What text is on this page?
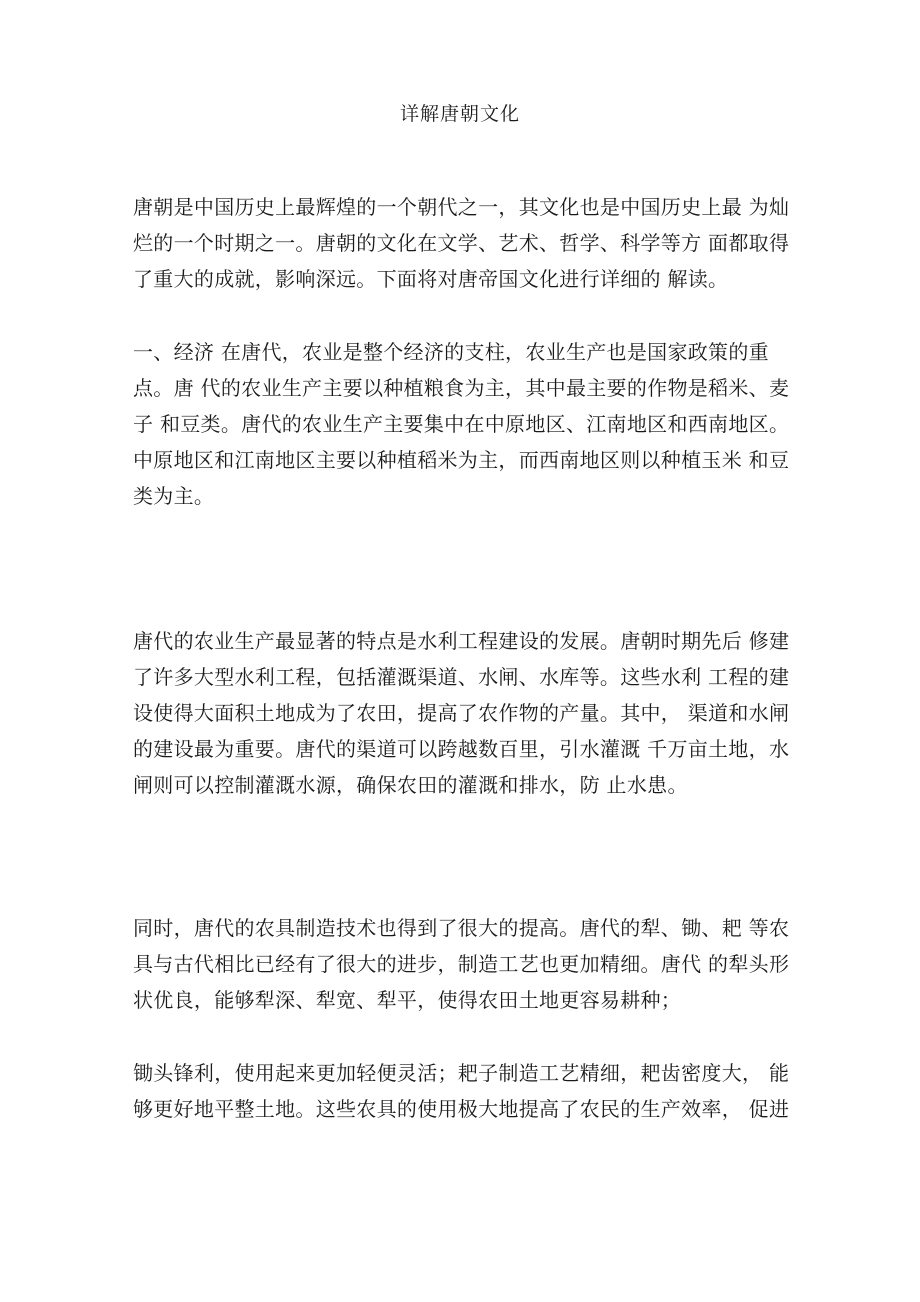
详解唐朝文化
唐朝是中国历史上最辉煌的一个朝代之一，其文化也是中国历史上最 为灿
烂的一个时期之一。唐朝的文化在文学、艺术、哲学、科学等方 面都取得
了重大的成就，影响深远。下面将对唐帝国文化进行详细的 解读。
一、经济 在唐代，农业是整个经济的支柱，农业生产也是国家政策的重
点。唐 代的农业生产主要以种植粮食为主，其中最主要的作物是稻米、麦
子 和豆类。唐代的农业生产主要集中在中原地区、江南地区和西南地区。
中原地区和江南地区主要以种植稻米为主，而西南地区则以种植玉米 和豆
类为主。
唐代的农业生产最显著的特点是水利工程建设的发展。唐朝时期先后 修建
了许多大型水利工程，包括灌溉渠道、水闸、水库等。这些水利 工程的建
设使得大面积土地成为了农田，提高了农作物的产量。其中， 渠道和水闸
的建设最为重要。唐代的渠道可以跨越数百里，引水灌溉 千万亩土地，水
闸则可以控制灌溉水源，确保农田的灌溉和排水，防 止水患。
同时，唐代的农具制造技术也得到了很大的提高。唐代的犁、锄、耙 等农
具与古代相比已经有了很大的进步，制造工艺也更加精细。唐代 的犁头形
状优良，能够犁深、犁宽、犁平，使得农田土地更容易耕种；
锄头锋利，使用起来更加轻便灵活；耙子制造工艺精细，耙齿密度大， 能
够更好地平整土地。这些农具的使用极大地提高了农民的生产效率， 促进
